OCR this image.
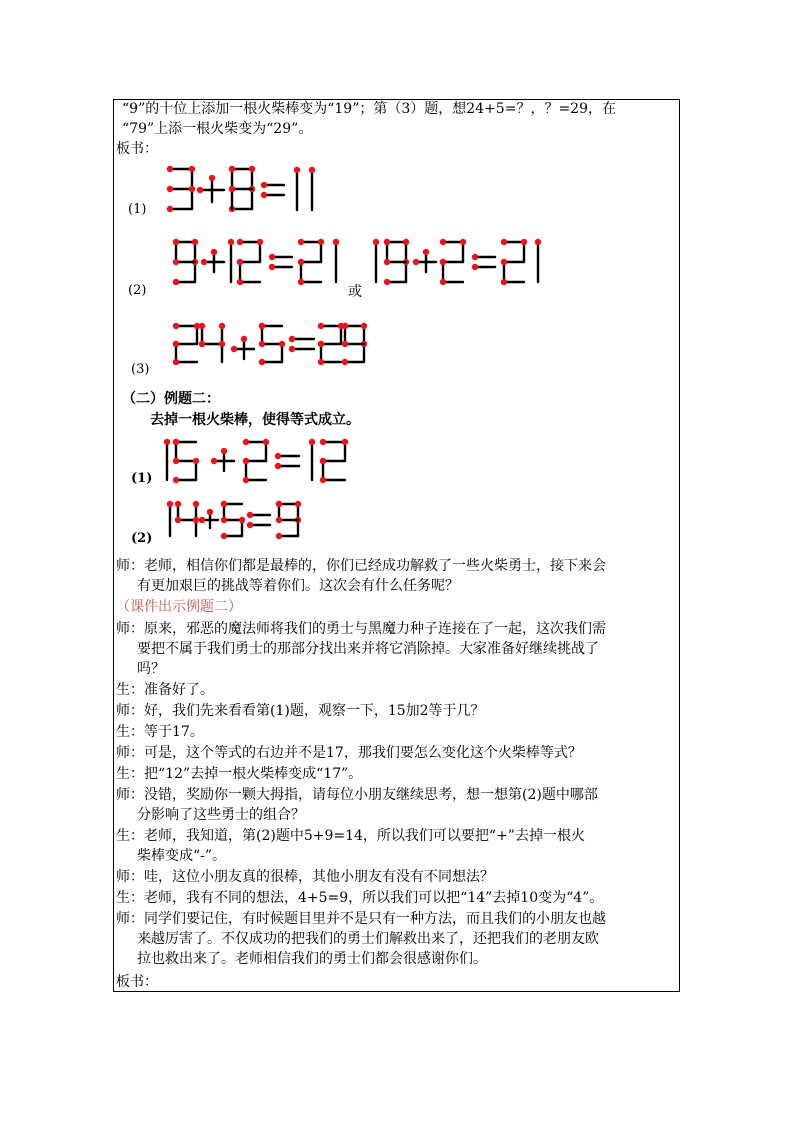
“9”的十位上添加一根火柴棒变为“19”；第（3）题，想24+5=？，？=29，在
“79”上添一根火柴变为“29”。
板书：
(1)
(2)	或
(3)
（二）例题二：
去掉一根火柴棒，使得等式成立。
(1)
(2)
师：老师，相信你们都是最棒的，你们已经成功解救了一些火柴勇士，接下来会
有更加艰巨的挑战等着你们。这次会有什么任务呢？
（课件出示例题二）
师：原来，邪恶的魔法师将我们的勇士与黑魔力种子连接在了一起，这次我们需
要把不属于我们勇士的那部分找出来并将它消除掉。大家准备好继续挑战了
吗？
生：准备好了。
师：好，我们先来看看第(1)题，观察一下，15加2等于几？
生：等于17。
师：可是，这个等式的右边并不是17，那我们要怎么变化这个火柴棒等式？
生：把“12”去掉一根火柴棒变成“17”。
师：没错，奖励你一颗大拇指，请每位小朋友继续思考，想一想第(2)题中哪部
分影响了这些勇士的组合？
生：老师，我知道，第(2)题中5+9=14，所以我们可以要把“+”去掉一根火
柴棒变成“-”。
师：哇，这位小朋友真的很棒，其他小朋友有没有不同想法？
生：老师，我有不同的想法，4+5=9，所以我们可以把“14”去掉10变为“4”。
师：同学们要记住，有时候题目里并不是只有一种方法，而且我们的小朋友也越
来越厉害了。不仅成功的把我们的勇士们解救出来了，还把我们的老朋友欧
拉也救出来了。老师相信我们的勇士们都会很感谢你们。
板书：
